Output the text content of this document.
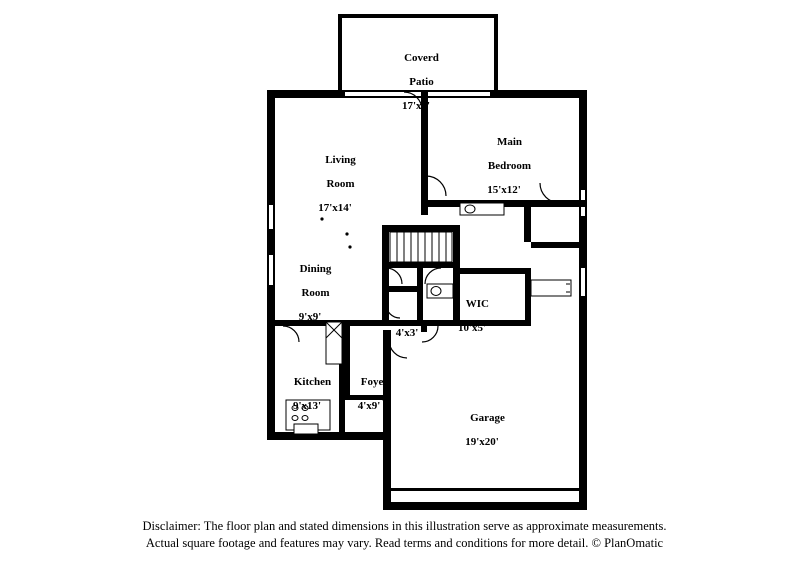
Coverd

Patio

17'x8'

Living

Room

17'x14'

Main

Bedroom

15'x12'

Dining

Room

9'x9'

WIC

10'x5'

4'x3'

Kitchen

9'x13'

Foyer

4'x9'

Garage

19'x20'

Disclaimer: The floor plan and stated dimensions in this illustration serve as approximate measurements.
Actual square footage and features may vary. Read terms and conditions for more detail. © PlanOmatic
